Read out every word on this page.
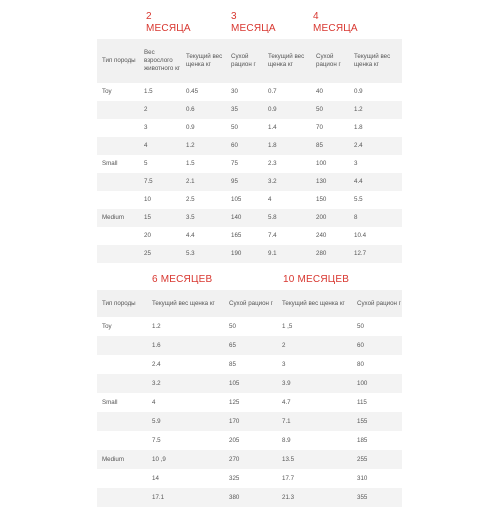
2
МЕСЯЦА
3
МЕСЯЦА
4
МЕСЯЦА
Тип породы	Вес взрослого животного кг	Текущий вес щенка кг	Сухой рацион г	Текущий вес щенка кг	Сухой рацион г	Текущий вес щенка кг
Toy	1.5	0.45	30	0.7	40	0.9
	2	0.6	35	0.9	50	1.2
	3	0.9	50	1.4	70	1.8
	4	1.2	60	1.8	85	2.4
Small	5	1.5	75	2.3	100	3
	7.5	2.1	95	3.2	130	4.4
	10	2.5	105	4	150	5.5
Medium	15	3.5	140	5.8	200	8
	20	4.4	165	7.4	240	10.4
	25	5.3	190	9.1	280	12.7
6 МЕСЯЦЕВ	10 МЕСЯЦЕВ
Тип породы	Текущий вес щенка кг	Сухой рацион г	Текущий вес щенка кг	Сухой рацион г
Toy	1.2	50	1 ,5	50
	1.6	65	2	60
	2.4	85	3	80
	3.2	105	3.9	100
Small	4	125	4.7	115
	5.9	170	7.1	155
	7.5	205	8.9	185
Medium	10 ,9	270	13.5	255
	14	325	17.7	310
	17.1	380	21.3	355
